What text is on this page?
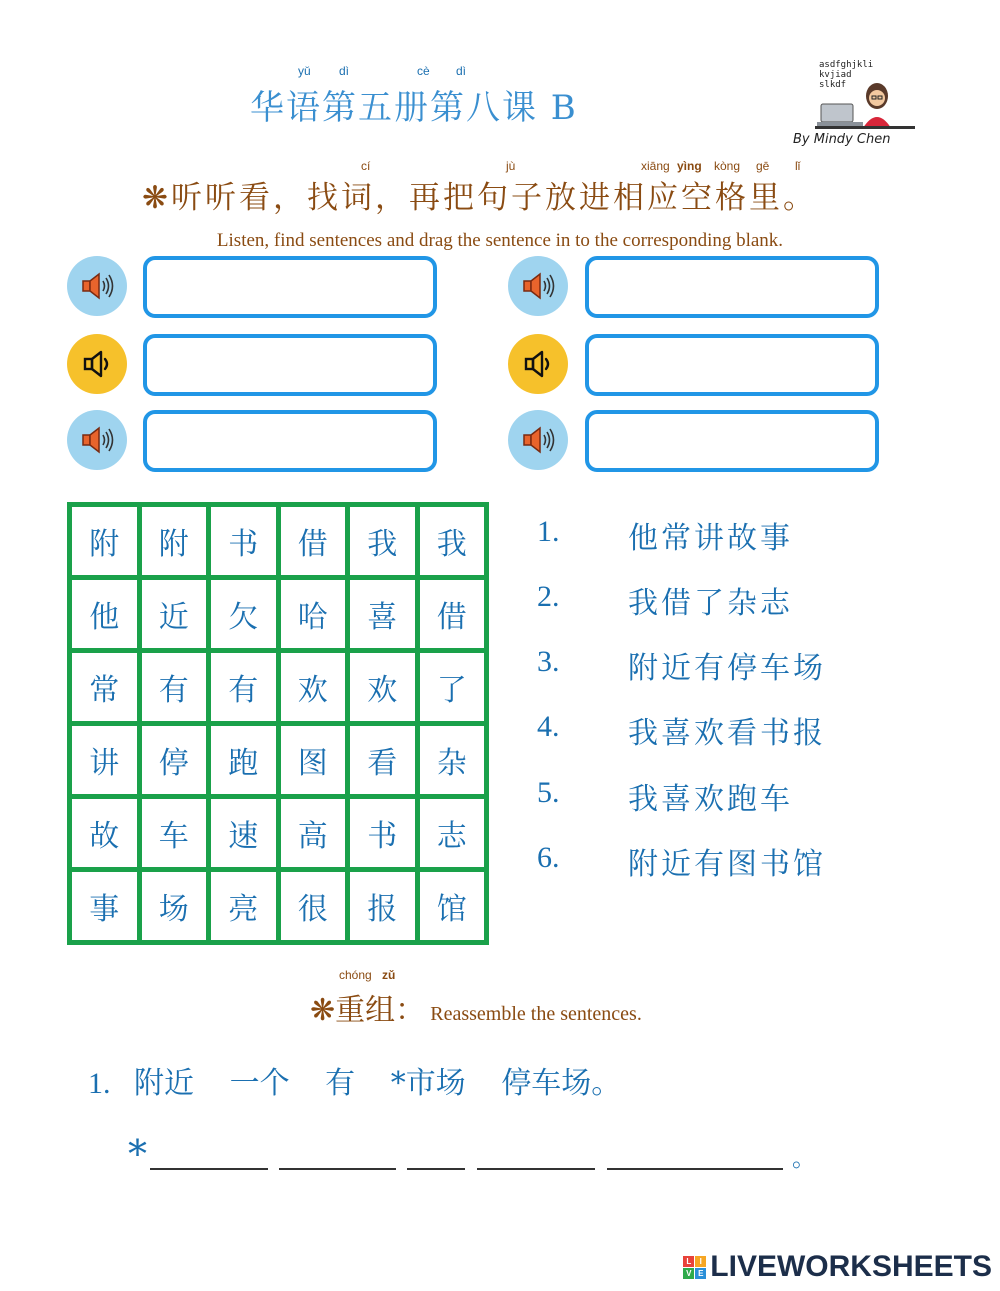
yǔ dì	cè dì
华语第五册第八课 B
asdfghjkli
kvjiad
slkdf
By Mindy Chen
cí	jù	xiāng yìng kòng gē lǐ
❋听听看，找词，再把句子放进相应空格里。
Listen, find sentences and drag the sentence in to the corresponding blank.
附	附	书	借	我	我
他	近	欠	哈	喜	借
常	有	有	欢	欢	了
讲	停	跑	图	看	杂
故	车	速	高	书	志
事	场	亮	很	报	馆
1. 他常讲故事
2. 我借了杂志
3. 附近有停车场
4. 我喜欢看书报
5. 我喜欢跑车
6. 附近有图书馆
chóng zǔ
❋重组： Reassemble the sentences.
1. 附近 一个 有 *市场 停车场。
*	。
L	I
V E LIVEWORKSHEETS
